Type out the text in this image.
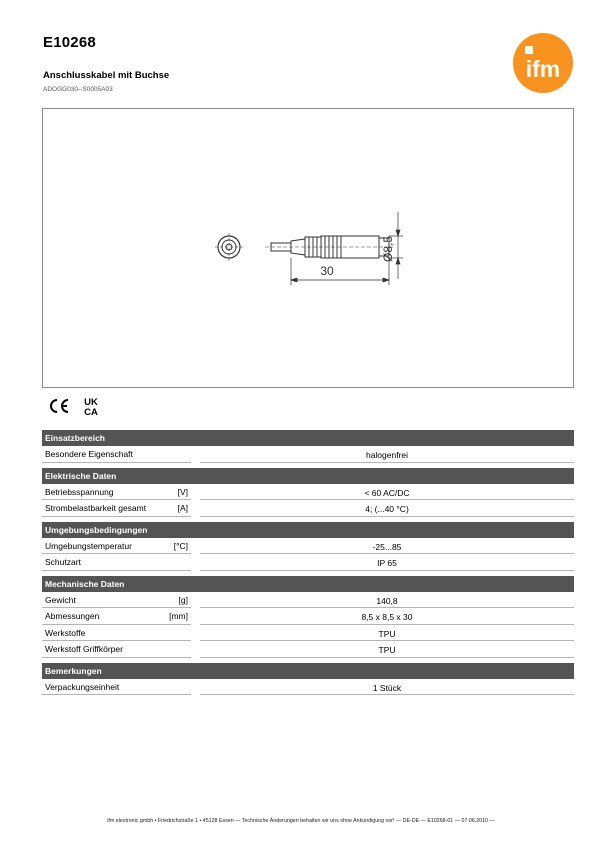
E10268
Anschlusskabel mit Buchse
ADOGG030--S0005A03
ifm
30
Ø8,5
UK
CA
Einsatzbereich
Besondere Eigenschaft	halogenfrei
Elektrische Daten
Betriebsspannung	[V]	< 60 AC/DC
Strombelastbarkeit gesamt	[A]	4; (...40 °C)
Umgebungsbedingungen
Umgebungstemperatur	[°C]	-25...85
Schutzart	IP 65
Mechanische Daten
Gewicht	[g]	140,8
Abmessungen	[mm]	8,5 x 8,5 x 30
Werkstoffe	TPU
Werkstoff Griffkörper	TPU
Bemerkungen
Verpackungseinheit	1 Stück
ifm electronic gmbh • Friedrichstraße 1 • 45128 Essen — Technische Änderungen behalten wir uns ohne Ankündigung vor! — DE-DE — E10268-01 — 07.06.2010 —
